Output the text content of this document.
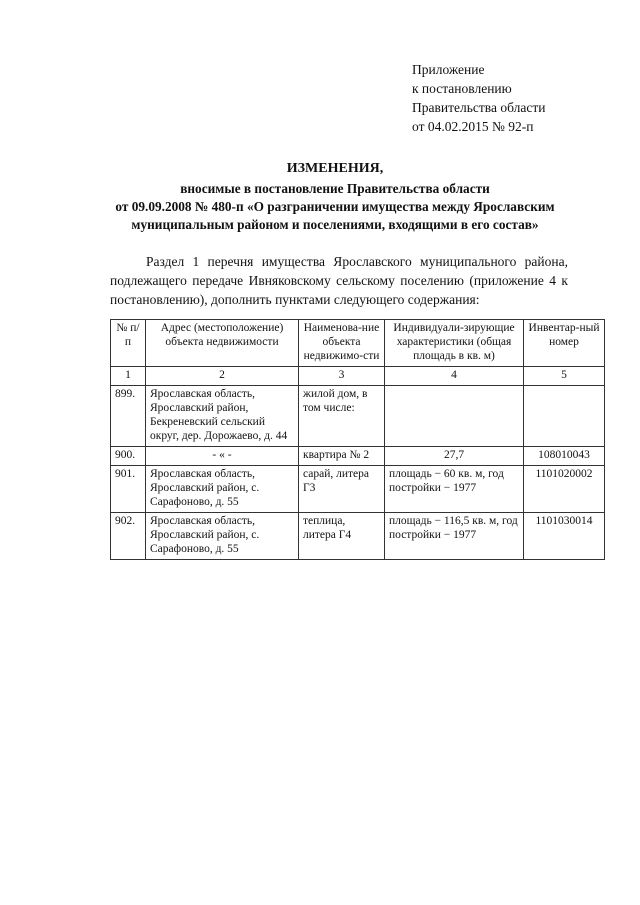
Приложение
к постановлению
Правительства области
от 04.02.2015 № 92-п
ИЗМЕНЕНИЯ,
вносимые в постановление Правительства области
от 09.09.2008 № 480-п «О разграничении имущества между Ярославским
муниципальным районом и поселениями, входящими в его состав»
Раздел 1 перечня имущества Ярославского муниципального района, подлежащего передаче Ивняковскому сельскому поселению (приложение 4 к постановлению), дополнить пунктами следующего содержания:
№ п/п	Адрес (местоположение) объекта недвижимости	Наименова-ние объекта недвижимо-сти	Индивидуали-зирующие характеристики (общая площадь в кв. м)	Инвентар-ный номер
1	2	3	4	5
899.	Ярославская область, Ярославский район, Бекреневский сельский округ, дер. Дорожаево, д. 44	жилой дом, в том числе:		
900.	- « -	квартира № 2	27,7	108010043
901.	Ярославская область, Ярославский район, с. Сарафоново, д. 55	сарай, литера Г3	площадь − 60 кв. м, год постройки − 1977	1101020002
902.	Ярославская область, Ярославский район, с. Сарафоново, д. 55	теплица, литера Г4	площадь − 116,5 кв. м, год постройки − 1977	1101030014
